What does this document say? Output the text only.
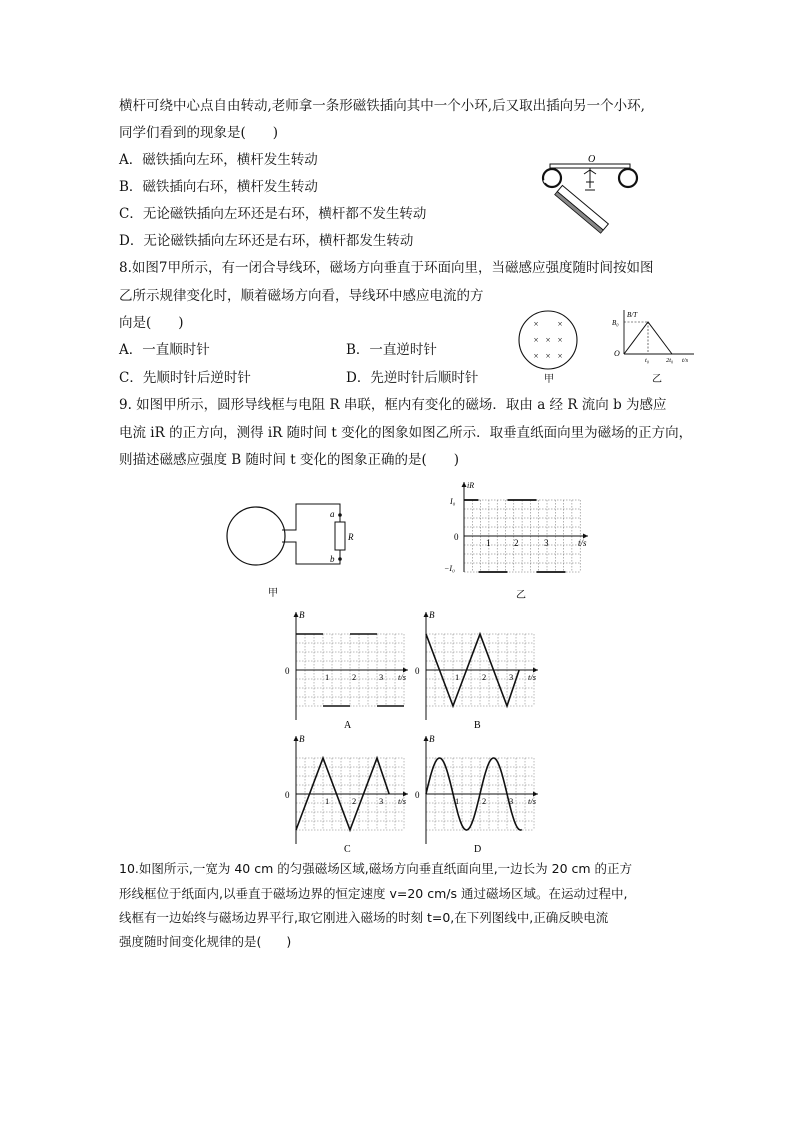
横杆可绕中心点自由转动,老师拿一条形磁铁插向其中一个小环,后又取出插向另一个小环,
同学们看到的现象是(　　)
A．磁铁插向左环，横杆发生转动
B．磁铁插向右环，横杆发生转动
C．无论磁铁插向左环还是右环，横杆都不发生转动
D．无论磁铁插向左环还是右环，横杆都发生转动
O
8.如图7甲所示，有一闭合导线环，磁场方向垂直于环面向里，当磁感应强度随时间按如图
乙所示规律变化时，顺着磁场方向看，导线环中感应电流的方
向是(　　)
A．一直顺时针	B．一直逆时针
C．先顺时针后逆时针	D．先逆时针后顺时针
× ×
× × ×
× × ×
甲
B/T
B₀
O
t₀	2t₀ t/s
乙
9. 如图甲所示，圆形导线框与电阻 R 串联，框内有变化的磁场．取由 a 经 R 流向 b 为感应
电流 iR 的正方向，测得 iR 随时间 t 变化的图象如图乙所示．取垂直纸面向里为磁场的正方向，
则描述磁感应强度 B 随时间 t 变化的图象正确的是(　　)
a
b
R
甲
iR
I₀
−I₀
0
1	2	3	t/s
乙
B
0
1	2	3 t/s
A
B
0
1	2	3 t/s
B
B
0
1	2	3 t/s
C
B
0
1	2	3 t/s
D
10.如图所示,一宽为 40 cm 的匀强磁场区域,磁场方向垂直纸面向里,一边长为 20 cm 的正方
形线框位于纸面内,以垂直于磁场边界的恒定速度 v=20 cm/s 通过磁场区域。在运动过程中,
线框有一边始终与磁场边界平行,取它刚进入磁场的时刻 t=0,在下列图线中,正确反映电流
强度随时间变化规律的是(　　)
